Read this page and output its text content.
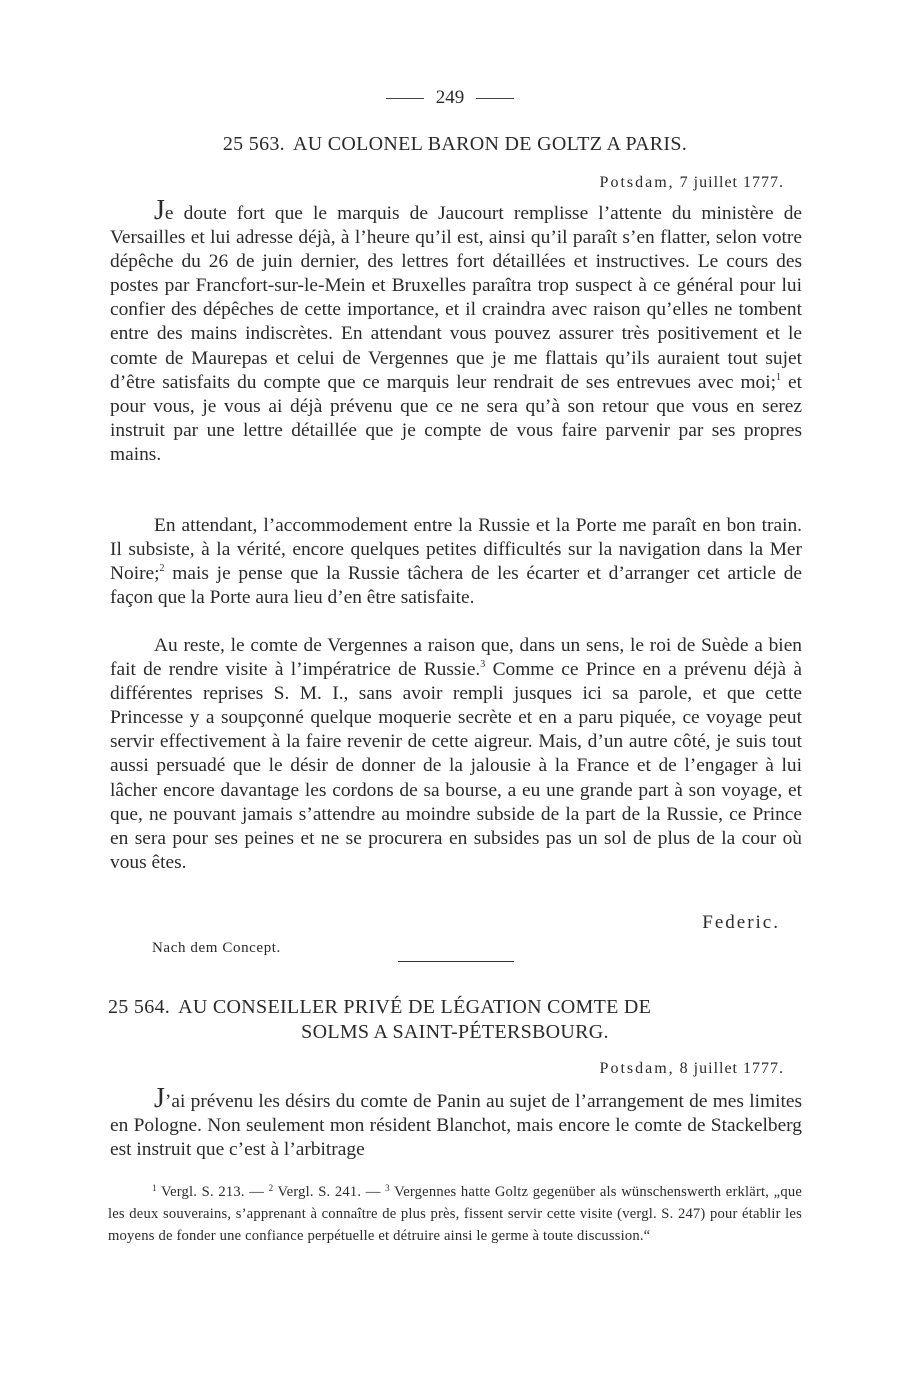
249
25 563. AU COLONEL BARON DE GOLTZ A PARIS.
Potsdam, 7 juillet 1777.

Je doute fort que le marquis de Jaucourt remplisse l’attente du ministère de Versailles et lui adresse déjà, à l’heure qu’il est, ainsi qu’il paraît s’en flatter, selon votre dépêche du 26 de juin dernier, des lettres fort détaillées et instructives. Le cours des postes par Francfort-sur-le-Mein et Bruxelles paraîtra trop suspect à ce général pour lui confier des dépêches de cette importance, et il craindra avec raison qu’elles ne tombent entre des mains indiscrètes. En attendant vous pouvez assurer très positivement et le comte de Maurepas et celui de Vergennes que je me flattais qu’ils auraient tout sujet d’être satisfaits du compte que ce marquis leur rendrait de ses entrevues avec moi;$^1$ et pour vous, je vous ai déjà prévenu que ce ne sera qu’à son retour que vous en serez instruit par une lettre détaillée que je compte de vous faire parvenir par ses propres mains.

En attendant, l’accommodement entre la Russie et la Porte me paraît en bon train. Il subsiste, à la vérité, encore quelques petites difficultés sur la navigation dans la Mer Noire;$^2$ mais je pense que la Russie tâchera de les écarter et d’arranger cet article de façon que la Porte aura lieu d’en être satisfaite.

Au reste, le comte de Vergennes a raison que, dans un sens, le roi de Suède a bien fait de rendre visite à l’impératrice de Russie.$^3$ Comme ce Prince en a prévenu déjà à différentes reprises S. M. I., sans avoir rempli jusques ici sa parole, et que cette Princesse y a soupçonné quelque moquerie secrète et en a paru piquée, ce voyage peut servir effectivement à la faire revenir de cette aigreur. Mais, d’un autre côté, je suis tout aussi persuadé que le désir de donner de la jalousie à la France et de l’engager à lui lâcher encore davantage les cordons de sa bourse, a eu une grande part à son voyage, et que, ne pouvant jamais s’attendre au moindre subside de la part de la Russie, ce Prince en sera pour ses peines et ne se procurera en subsides pas un sol de plus de la cour où vous êtes.

Federic.
Nach dem Concept.
25 564. AU CONSEILLER PRIVÉ DE LÉGATION COMTE DE
SOLMS A SAINT-PÉTERSBOURG.
Potsdam, 8 juillet 1777.

J’ai prévenu les désirs du comte de Panin au sujet de l’arrangement de mes limites en Pologne. Non seulement mon résident Blanchot, mais encore le comte de Stackelberg est instruit que c’est à l’arbitrage

$^1$ Vergl. S. 213. — $^2$ Vergl. S. 241. — $^3$ Vergennes hatte Goltz gegenüber als wünschenswerth erklärt, „que les deux souverains, s’apprenant à connaître de plus près, fissent servir cette visite (vergl. S. 247) pour établir les moyens de fonder une confiance perpétuelle et détruire ainsi le germe à toute discussion.“
